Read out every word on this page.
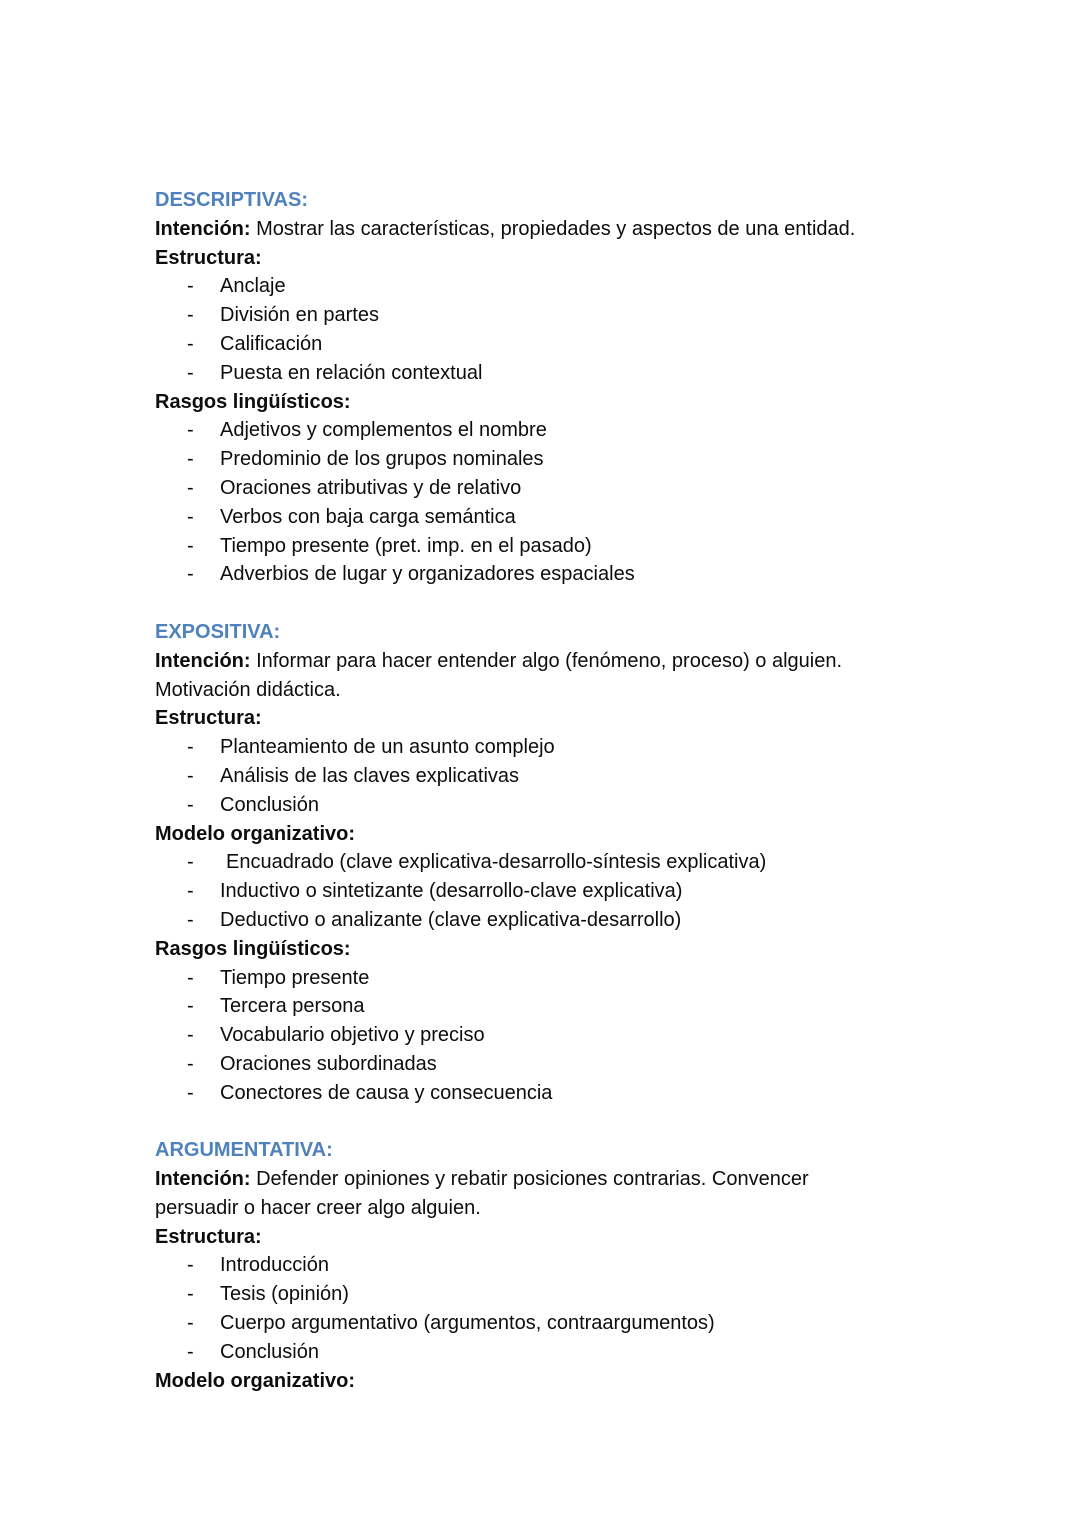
DESCRIPTIVAS:

Intención: Mostrar las características, propiedades y aspectos de una entidad.

Estructura:

- Anclaje
- División en partes
- Calificación
- Puesta en relación contextual

Rasgos lingüísticos:

- Adjetivos y complementos el nombre
- Predominio de los grupos nominales
- Oraciones atributivas y de relativo
- Verbos con baja carga semántica
- Tiempo presente (pret. imp. en el pasado)
- Adverbios de lugar y organizadores espaciales
EXPOSITIVA:

Intención: Informar para hacer entender algo (fenómeno, proceso) o alguien.
Motivación didáctica.

Estructura:

- Planteamiento de un asunto complejo
- Análisis de las claves explicativas
- Conclusión

Modelo organizativo:

- Encuadrado (clave explicativa-desarrollo-síntesis explicativa)
- Inductivo o sintetizante (desarrollo-clave explicativa)
- Deductivo o analizante (clave explicativa-desarrollo)

Rasgos lingüísticos:

- Tiempo presente
- Tercera persona
- Vocabulario objetivo y preciso
- Oraciones subordinadas
- Conectores de causa y consecuencia
ARGUMENTATIVA:

Intención: Defender opiniones y rebatir posiciones contrarias. Convencer
persuadir o hacer creer algo alguien.

Estructura:

- Introducción
- Tesis (opinión)
- Cuerpo argumentativo (argumentos, contraargumentos)
- Conclusión

Modelo organizativo:
